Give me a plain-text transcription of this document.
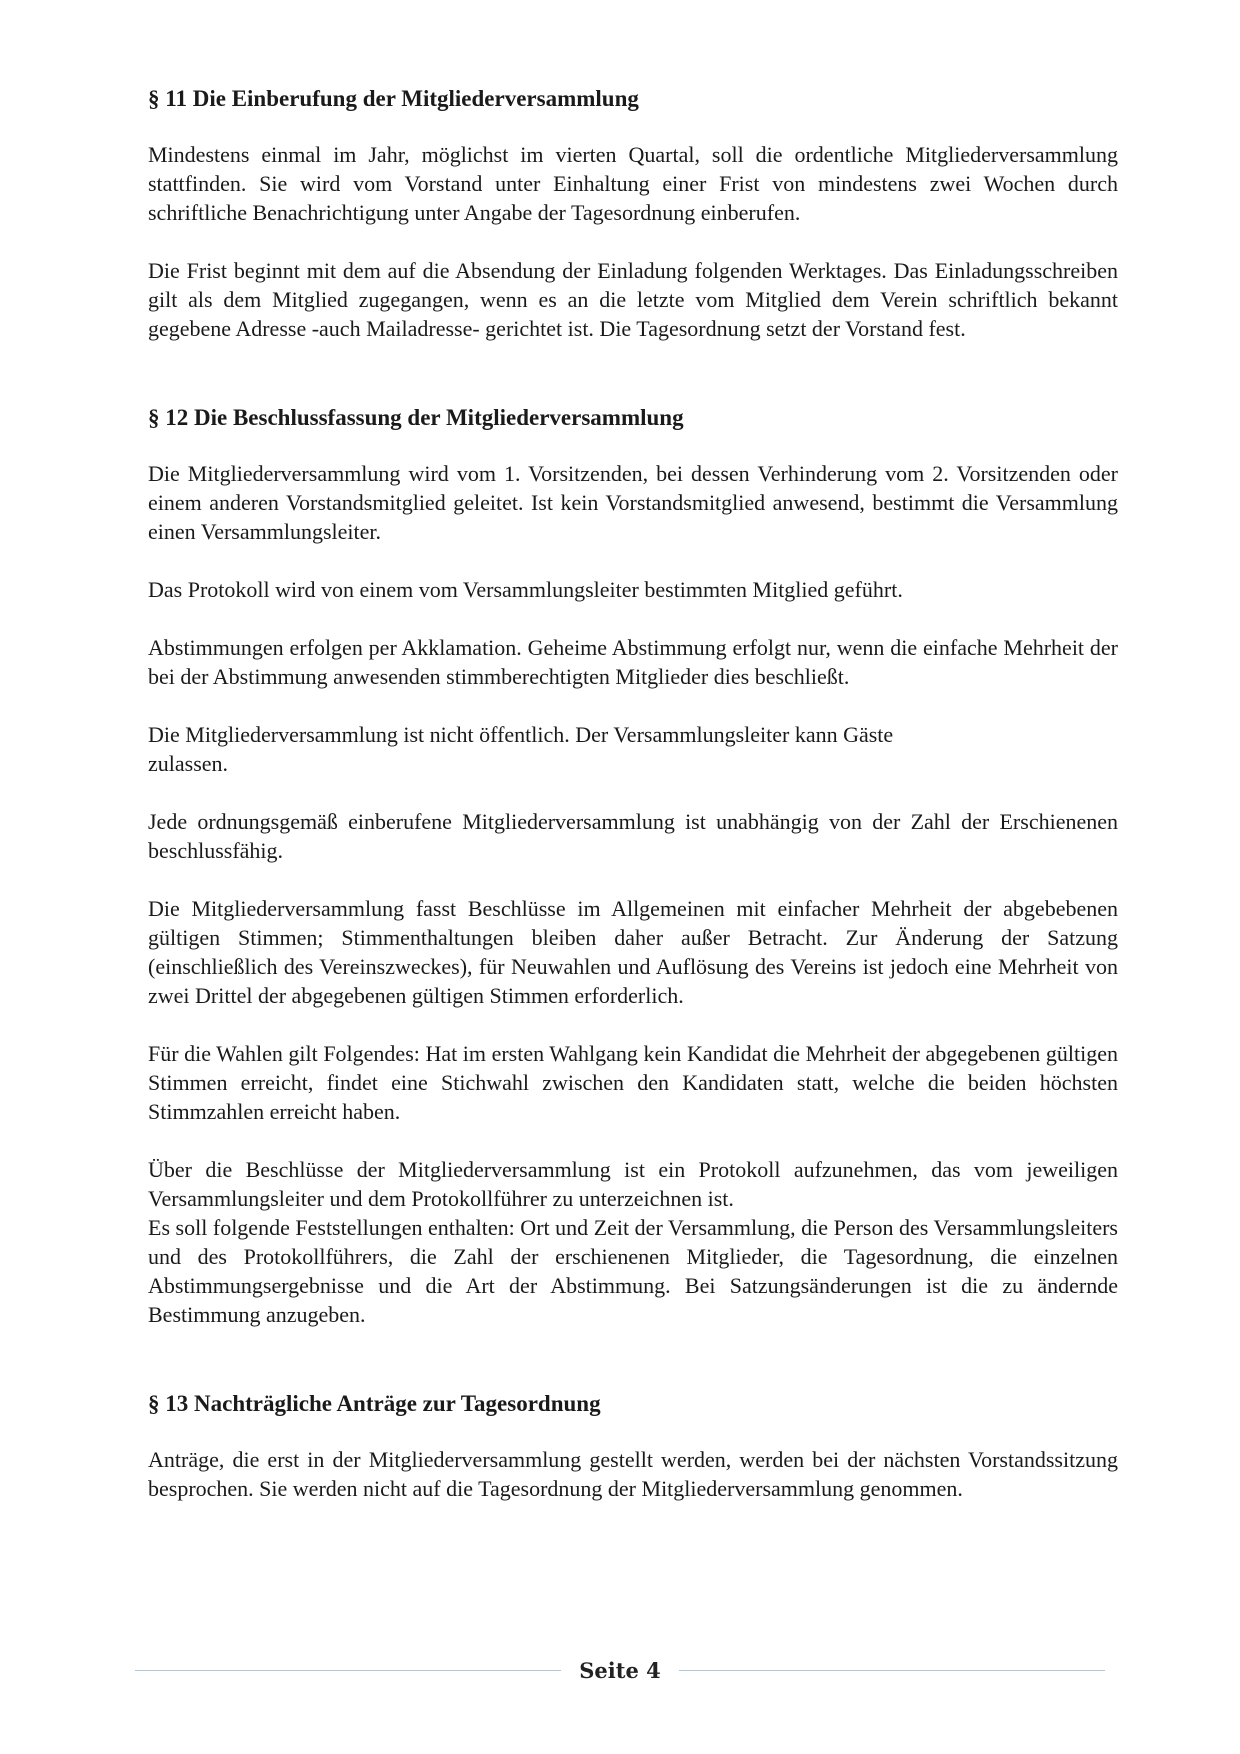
§ 11 Die Einberufung der Mitgliederversammlung

Mindestens einmal im Jahr, möglichst im vierten Quartal, soll die ordentliche Mitgliederversammlung stattfinden. Sie wird vom Vorstand unter Einhaltung einer Frist von mindestens zwei Wochen durch schriftliche Benachrichtigung unter Angabe der Tagesordnung einberufen.

Die Frist beginnt mit dem auf die Absendung der Einladung folgenden Werktages. Das Einladungsschreiben gilt als dem Mitglied zugegangen, wenn es an die letzte vom Mitglied dem Verein schriftlich bekannt gegebene Adresse -auch Mailadresse- gerichtet ist. Die Tagesordnung setzt der Vorstand fest.

§ 12 Die Beschlussfassung der Mitgliederversammlung

Die Mitgliederversammlung wird vom 1. Vorsitzenden, bei dessen Verhinderung vom 2. Vorsitzenden oder einem anderen Vorstandsmitglied geleitet. Ist kein Vorstandsmitglied anwesend, bestimmt die Versammlung einen Versammlungsleiter.

Das Protokoll wird von einem vom Versammlungsleiter bestimmten Mitglied geführt.

Abstimmungen erfolgen per Akklamation. Geheime Abstimmung erfolgt nur, wenn die einfache Mehrheit der bei der Abstimmung anwesenden stimmberechtigten Mitglieder dies beschließt.

Die Mitgliederversammlung ist nicht öffentlich. Der Versammlungsleiter kann Gäste zulassen.

Jede ordnungsgemäß einberufene Mitgliederversammlung ist unabhängig von der Zahl der Erschienenen beschlussfähig.

Die Mitgliederversammlung fasst Beschlüsse im Allgemeinen mit einfacher Mehrheit der abgebebenen gültigen Stimmen; Stimmenthaltungen bleiben daher außer Betracht. Zur Änderung der Satzung (einschließlich des Vereinszweckes), für Neuwahlen und Auflösung des Vereins ist jedoch eine Mehrheit von zwei Drittel der abgegebenen gültigen Stimmen erforderlich.

Für die Wahlen gilt Folgendes: Hat im ersten Wahlgang kein Kandidat die Mehrheit der abgegebenen gültigen Stimmen erreicht, findet eine Stichwahl zwischen den Kandidaten statt, welche die beiden höchsten Stimmzahlen erreicht haben.

Über die Beschlüsse der Mitgliederversammlung ist ein Protokoll aufzunehmen, das vom jeweiligen Versammlungsleiter und dem Protokollführer zu unterzeichnen ist.

Es soll folgende Feststellungen enthalten: Ort und Zeit der Versammlung, die Person des Versammlungsleiters und des Protokollführers, die Zahl der erschienenen Mitglieder, die Tagesordnung, die einzelnen Abstimmungsergebnisse und die Art der Abstimmung. Bei Satzungsänderungen ist die zu ändernde Bestimmung anzugeben.

§ 13 Nachträgliche Anträge zur Tagesordnung

Anträge, die erst in der Mitgliederversammlung gestellt werden, werden bei der nächsten Vorstandssitzung besprochen. Sie werden nicht auf die Tagesordnung der Mitgliederversammlung genommen.

Seite 4
